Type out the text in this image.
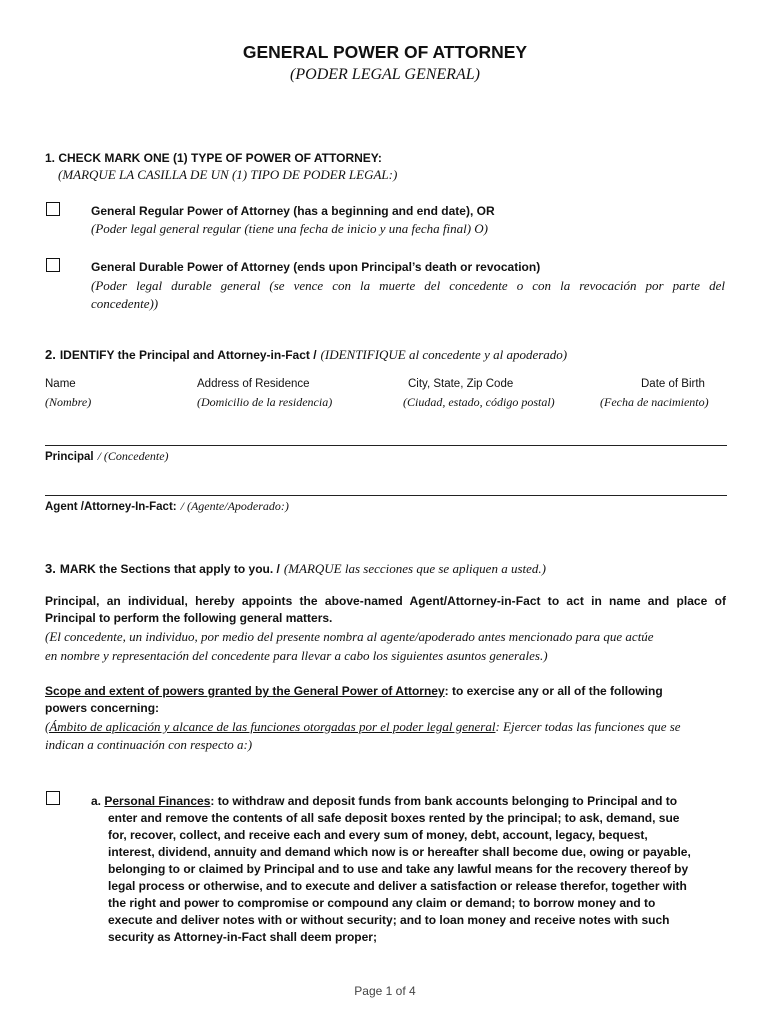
GENERAL POWER OF ATTORNEY
(PODER LEGAL GENERAL)
1. CHECK MARK ONE (1) TYPE OF POWER OF ATTORNEY:
(MARQUE LA CASILLA DE UN (1) TIPO DE PODER LEGAL:)
General Regular Power of Attorney (has a beginning and end date), OR
(Poder legal general regular (tiene una fecha de inicio y una fecha final) O)
General Durable Power of Attorney (ends upon Principal’s death or revocation)
(Poder legal durable general (se vence con la muerte del concedente o con la revocación por parte del
concedente))
2. IDENTIFY the Principal and Attorney-in-Fact / (IDENTIFIQUE al concedente y al apoderado)
Name
(Nombre)
Address of Residence
(Domicilio de la residencia)
City, State, Zip Code
(Ciudad, estado, código postal)
Date of Birth
(Fecha de nacimiento)
Principal / (Concedente)
Agent /Attorney-In-Fact: / (Agente/Apoderado:)
3. MARK the Sections that apply to you. / (MARQUE las secciones que se apliquen a usted.)
Principal, an individual, hereby appoints the above-named Agent/Attorney-in-Fact to act in name and place of
Principal to perform the following general matters.
(El concedente, un individuo, por medio del presente nombra al agente/apoderado antes mencionado para que actúe
en nombre y representación del concedente para llevar a cabo los siguientes asuntos generales.)
Scope and extent of powers granted by the General Power of Attorney: to exercise any or all of the following
powers concerning:
(Ámbito de aplicación y alcance de las funciones otorgadas por el poder legal general: Ejercer todas las funciones que se
indican a continuación con respecto a:)
a. Personal Finances: to withdraw and deposit funds from bank accounts belonging to Principal and to
enter and remove the contents of all safe deposit boxes rented by the principal; to ask, demand, sue
for, recover, collect, and receive each and every sum of money, debt, account, legacy, bequest,
interest, dividend, annuity and demand which now is or hereafter shall become due, owing or payable,
belonging to or claimed by Principal and to use and take any lawful means for the recovery thereof by
legal process or otherwise, and to execute and deliver a satisfaction or release therefor, together with
the right and power to compromise or compound any claim or demand; to borrow money and to
execute and deliver notes with or without security; and to loan money and receive notes with such
security as Attorney-in-Fact shall deem proper;
Page 1 of 4
